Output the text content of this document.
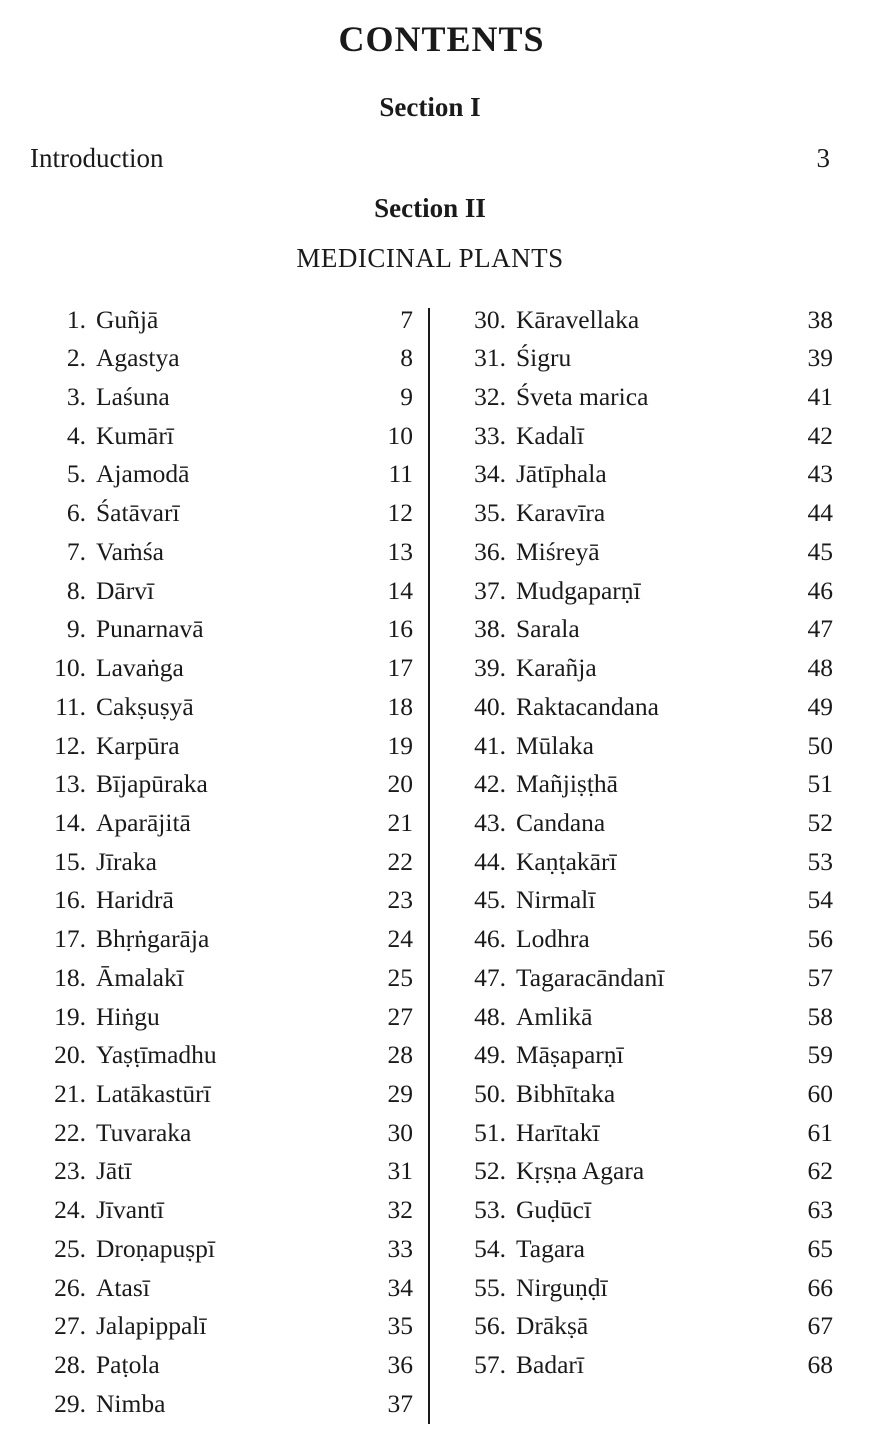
CONTENTS
Section I
Introduction	3
Section II
MEDICINAL PLANTS
1. Guñjā	7
2. Agastya	8
3. Laśuna	9
4. Kumārī	10
5. Ajamodā	11
6. Śatāvarī	12
7. Vaṁśa	13
8. Dārvī	14
9. Punarnavā	16
10. Lavaṅga	17
11. Cakṣuṣyā	18
12. Karpūra	19
13. Bījapūraka	20
14. Aparājitā	21
15. Jīraka	22
16. Haridrā	23
17. Bhṛṅgarāja	24
18. Āmalakī	25
19. Hiṅgu	27
20. Yaṣṭīmadhu	28
21. Latākastūrī	29
22. Tuvaraka	30
23. Jātī	31
24. Jīvantī	32
25. Droṇapuṣpī	33
26. Atasī	34
27. Jalapippalī	35
28. Paṭola	36
29. Nimba	37
30. Kāravellaka	38
31. Śigru	39
32. Śveta marica	41
33. Kadalī	42
34. Jātīphala	43
35. Karavīra	44
36. Miśreyā	45
37. Mudgaparṇī	46
38. Sarala	47
39. Karañja	48
40. Raktacandana	49
41. Mūlaka	50
42. Mañjiṣṭhā	51
43. Candana	52
44. Kaṇṭakārī	53
45. Nirmalī	54
46. Lodhra	56
47. Tagaracāndanī	57
48. Amlikā	58
49. Māṣaparṇī	59
50. Bibhītaka	60
51. Harītakī	61
52. Kṛṣṇa Agara	62
53. Guḍūcī	63
54. Tagara	65
55. Nirguṇḍī	66
56. Drākṣā	67
57. Badarī	68
